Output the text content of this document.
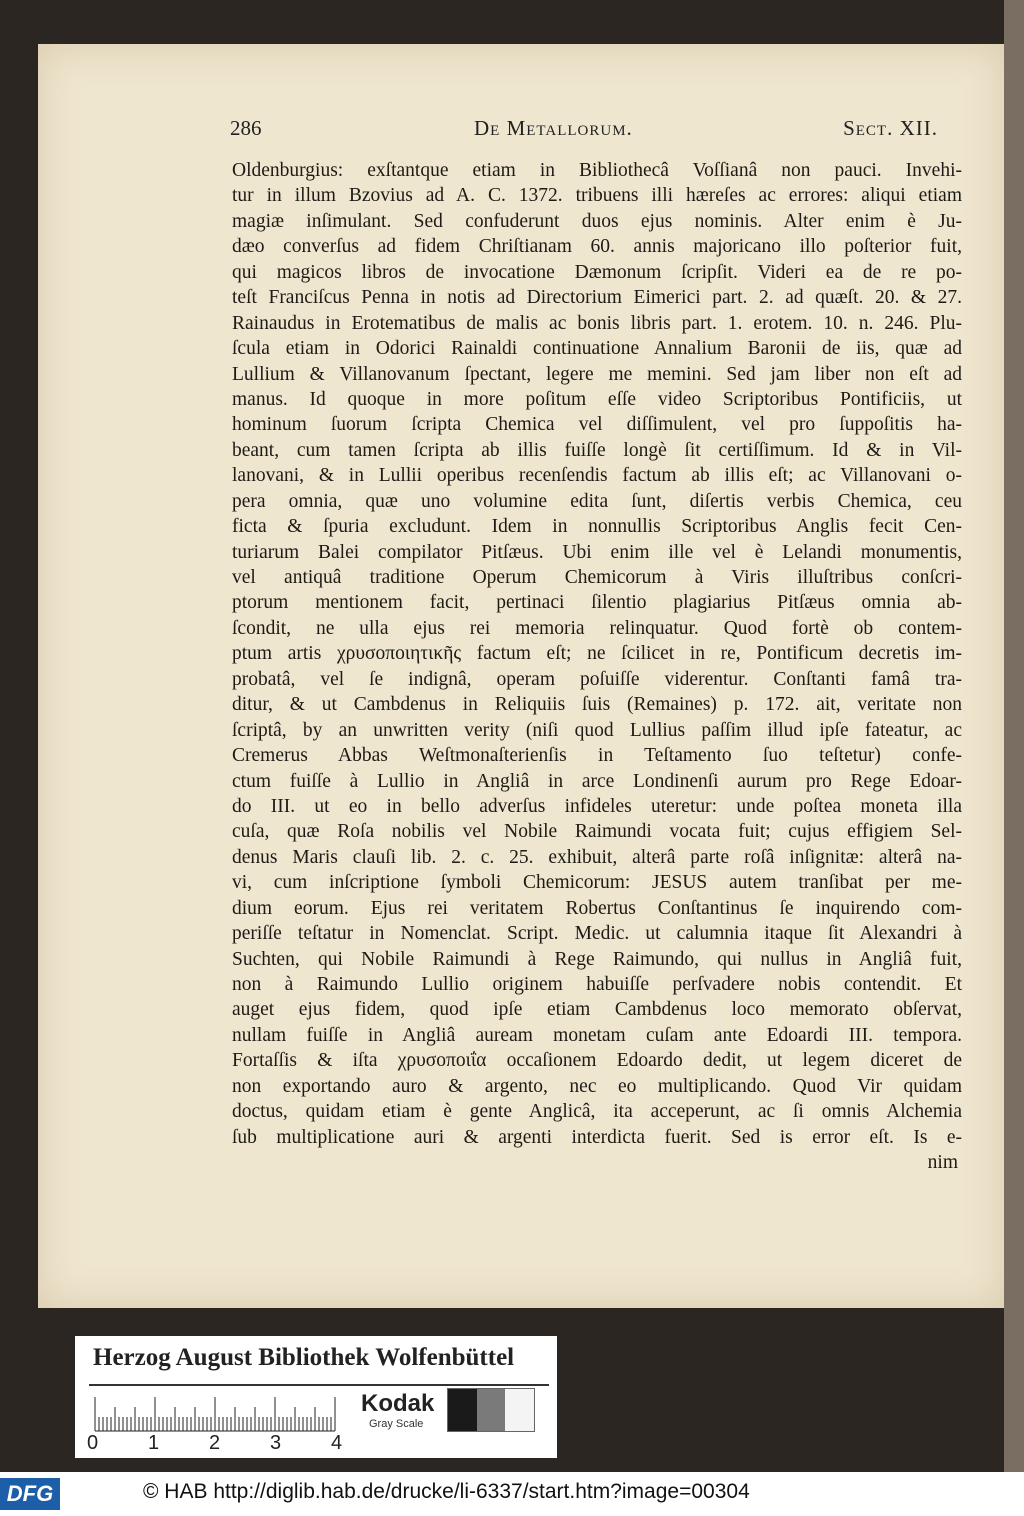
286	De Metallorum.	Sect. XII.
Oldenburgius: exſtantque etiam in Bibliothecâ Voſſianâ non pauci. Invehi-
tur in illum Bzovius ad A. C. 1372. tribuens illi hæreſes ac errores: aliqui etiam
magiæ inſimulant. Sed confuderunt duos ejus nominis. Alter enim è Ju-
dæo converſus ad fidem Chriſtianam 60. annis majoricano illo poſterior fuit,
qui magicos libros de invocatione Dæmonum ſcripſit. Videri ea de re po-
teſt Franciſcus Penna in notis ad Directorium Eimerici part. 2. ad quæſt. 20. & 27.
Rainaudus in Erotematibus de malis ac bonis libris part. 1. erotem. 10. n. 246. Plu-
ſcula etiam in Odorici Rainaldi continuatione Annalium Baronii de iis, quæ ad
Lullium & Villanovanum ſpectant, legere me memini. Sed jam liber non eſt ad
manus. Id quoque in more poſitum eſſe video Scriptoribus Pontificiis, ut
hominum ſuorum ſcripta Chemica vel diſſimulent, vel pro ſuppoſitis ha-
beant, cum tamen ſcripta ab illis fuiſſe longè ſit certiſſimum. Id & in Vil-
lanovani, & in Lullii operibus recenſendis factum ab illis eſt; ac Villanovani o-
pera omnia, quæ uno volumine edita ſunt, diſertis verbis Chemica, ceu
ficta & ſpuria excludunt. Idem in nonnullis Scriptoribus Anglis fecit Cen-
turiarum Balei compilator Pitſæus. Ubi enim ille vel è Lelandi monumentis,
vel antiquâ traditione Operum Chemicorum à Viris illuſtribus conſcri-
ptorum mentionem facit, pertinaci ſilentio plagiarius Pitſæus omnia ab-
ſcondit, ne ulla ejus rei memoria relinquatur. Quod fortè ob contem-
ptum artis χρυσοποιητικῆς factum eſt; ne ſcilicet in re, Pontificum decretis im-
probatâ, vel ſe indignâ, operam poſuiſſe viderentur. Conſtanti famâ tra-
ditur, & ut Cambdenus in Reliquiis ſuis (Remaines) p. 172. ait, veritate non
ſcriptâ, by an unwritten verity (niſi quod Lullius paſſim illud ipſe fateatur, ac
Cremerus Abbas Weſtmonaſterienſis in Teſtamento ſuo teſtetur) confe-
ctum fuiſſe à Lullio in Angliâ in arce Londinenſi aurum pro Rege Edoar-
do III. ut eo in bello adverſus infideles uteretur: unde poſtea moneta illa
cuſa, quæ Roſa nobilis vel Nobile Raimundi vocata fuit; cujus effigiem Sel-
denus Maris clauſi lib. 2. c. 25. exhibuit, alterâ parte roſâ inſignitæ: alterâ na-
vi, cum inſcriptione ſymboli Chemicorum: JESUS autem tranſibat per me-
dium eorum. Ejus rei veritatem Robertus Conſtantinus ſe inquirendo com-
periſſe teſtatur in Nomenclat. Script. Medic. ut calumnia itaque ſit Alexandri à
Suchten, qui Nobile Raimundi à Rege Raimundo, qui nullus in Angliâ fuit,
non à Raimundo Lullio originem habuiſſe perſvadere nobis contendit. Et
auget ejus fidem, quod ipſe etiam Cambdenus loco memorato obſervat,
nullam fuiſſe in Angliâ auream monetam cuſam ante Edoardi III. tempora.
Fortaſſis & iſta χρυσοποιΐα occaſionem Edoardo dedit, ut legem diceret de
non exportando auro & argento, nec eo multiplicando. Quod Vir quidam
doctus, quidam etiam è gente Anglicâ, ita acceperunt, ac ſi omnis Alchemia
ſub multiplicatione auri & argenti interdicta fuerit. Sed is error eſt. Is e-
nim
Herzog August Bibliothek Wolfenbüttel
0 1 2 3 4
Kodak
Gray Scale
DFG	© HAB http://diglib.hab.de/drucke/li-6337/start.htm?image=00304
